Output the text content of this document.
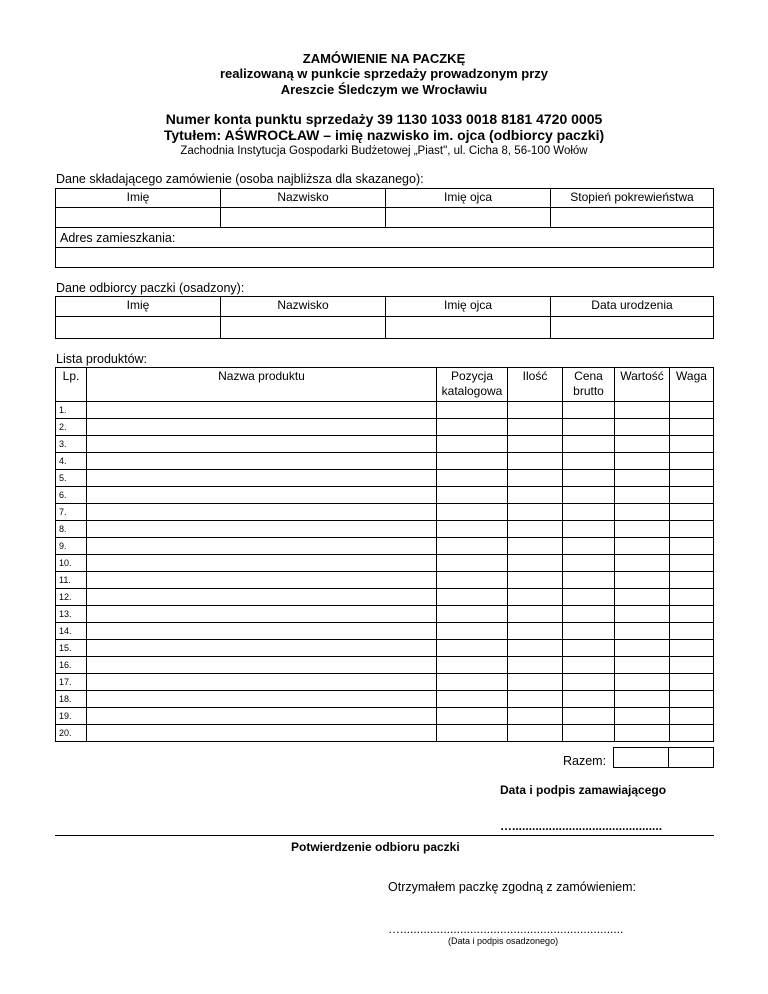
ZAMÓWIENIE NA PACZKĘ
realizowaną w punkcie sprzedaży prowadzonym przy
Areszcie Śledczym we Wrocławiu
Numer konta punktu sprzedaży 39 1130 1033 0018 8181 4720 0005
Tytułem: AŚWROCŁAW – imię nazwisko im. ojca (odbiorcy paczki)
Zachodnia Instytucja Gospodarki Budżetowej „Piast", ul. Cicha 8, 56-100 Wołów
Dane składającego zamówienie (osoba najbliższa dla skazanego):
Imię	Nazwisko	Imię ojca	Stopień pokrewieństwa

Adres zamieszkania:			

Dane odbiorcy paczki (osadzony):
Imię	Nazwisko	Imię ojca	Data urodzenia

Lista produktów:
Lp.	Nazwa produktu	Pozycja katalogowa	Ilość	Cena brutto	Wartość	Waga
1.						
2.						
3.						
4.						
5.						
6.						
7.						
8.						
9.						
10.						
11.						
12.						
13.						
14.						
15.						
16.						
17.						
18.						
19.						
20.						
Razem:

Data i podpis zamawiającego
….............................................
Potwierdzenie odbioru paczki
Otrzymałem paczkę zgodną z zamówieniem:
…...................................................................
(Data i podpis osadzonego)
